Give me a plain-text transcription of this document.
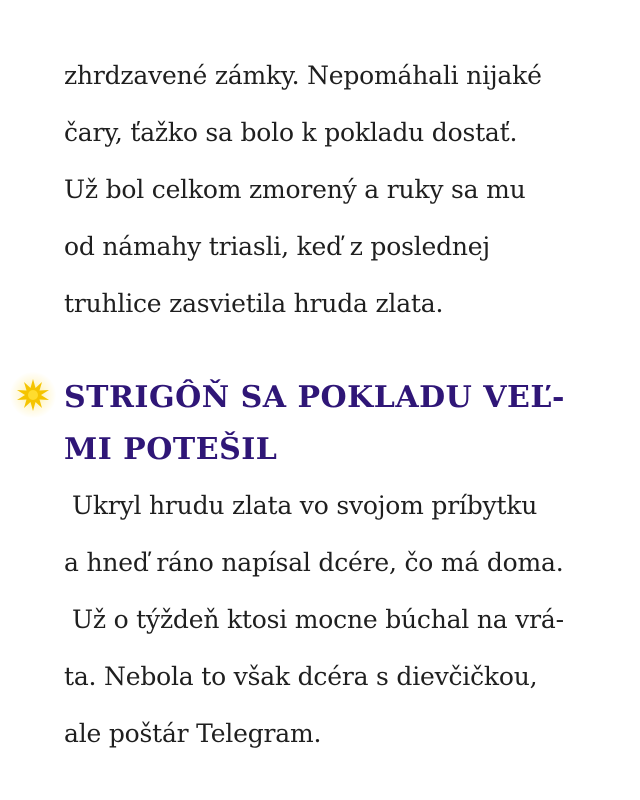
zhrdzavené zámky. Nepomáhali nijaké
čary, ťažko sa bolo k pokladu dostať.
Už bol celkom zmorený a ruky sa mu
od námahy triasli, keď z poslednej
truhlice zasvietila hruda zlata.
STRIGÔŇ SA POKLADU VEĽ-
MI POTEŠIL
Ukryl hrudu zlata vo svojom príbytku
a hneď ráno napísal dcére, čo má doma.
Už o týždeň ktosi mocne búchal na vrá-
ta. Nebola to však dcéra s dievčičkou,
ale poštár Telegram.
